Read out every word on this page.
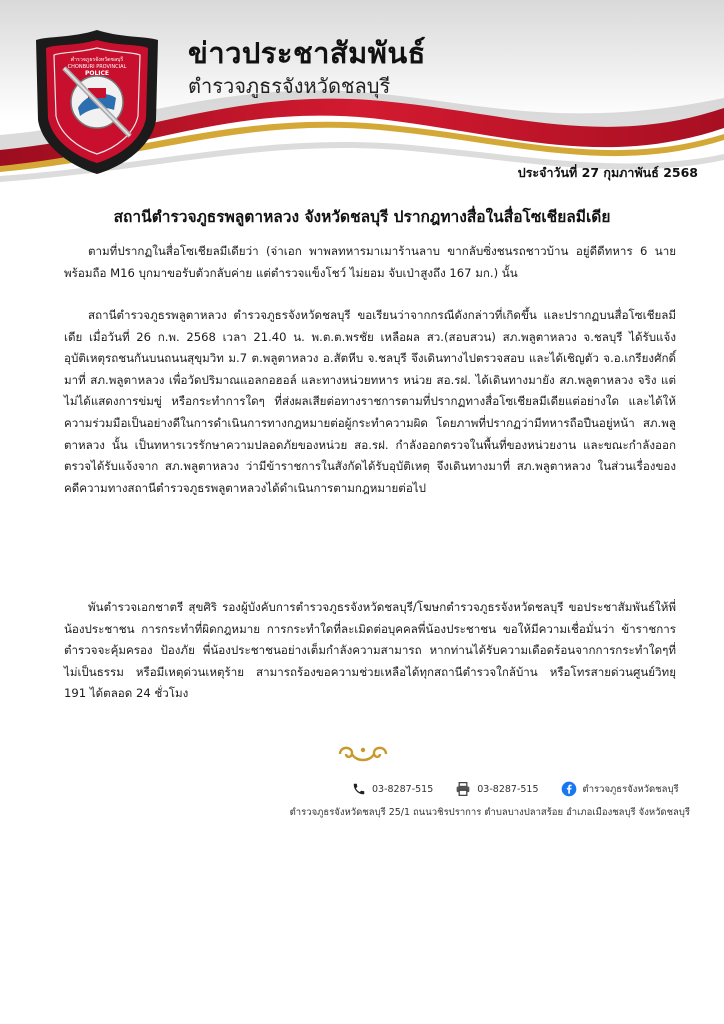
ตำรวจภูธรจังหวัดชลบุรี
CHONBURI PROVINCIAL
POLICE
ข่าวประชาสัมพันธ์
ตำรวจภูธรจังหวัดชลบุรี
ประจำวันที่ 27 กุมภาพันธ์ 2568
สถานีตำรวจภูธรพลูตาหลวง จังหวัดชลบุรี ปรากฎทางสื่อในสื่อโซเชียลมีเดีย
ตามที่ปรากฏในสื่อโซเชียลมีเดียว่า (จ่าเอก พาพลทหารมาเมาร้านลาบ ขากลับซิ่งชนรถชาวบ้าน อยู่ดีดีทหาร 6 นาย พร้อมถือ M16 บุกมาขอรับตัวกลับค่าย แต่ตำรวจแข็งโชว์ ไม่ยอม จับเป่าสูงถึง 167 มก.) นั้น
สถานีตำรวจภูธรพลูตาหลวง ตำรวจภูธรจังหวัดชลบุรี ขอเรียนว่าจากกรณีดังกล่าวที่เกิดขึ้น และปรากฏบนสื่อโซเชียลมีเดีย เมื่อวันที่ 26 ก.พ. 2568 เวลา 21.40 น. พ.ต.ต.พรชัย เหลือผล สว.(สอบสวน) สภ.พลูตาหลวง จ.ชลบุรี ได้รับแจ้งอุบัติเหตุรถชนกันบนถนนสุขุมวิท ม.7 ต.พลูตาหลวง อ.สัตหีบ จ.ชลบุรี จึงเดินทางไปตรวจสอบ และได้เชิญตัว จ.อ.เกรียงศักดิ์ มาที่ สภ.พลูตาหลวง เพื่อวัดปริมาณแอลกอฮอล์ และทางหน่วยทหาร หน่วย สอ.รฝ. ได้เดินทางมายัง สภ.พลูตาหลวง จริง แต่ไม่ได้แสดงการข่มขู่ หรือกระทำการใดๆ ที่ส่งผลเสียต่อทางราชการตามที่ปรากฏทางสื่อโซเชียลมีเดียแต่อย่างใด และได้ให้ความร่วมมือเป็นอย่างดีในการดำเนินการทางกฎหมายต่อผู้กระทำความผิด โดยภาพที่ปรากฏว่ามีทหารถือปืนอยู่หน้า สภ.พลูตาหลวง นั้น เป็นทหารเวรรักษาความปลอดภัยของหน่วย สอ.รฝ. กำลังออกตรวจในพื้นที่ของหน่วยงาน และขณะกำลังออกตรวจได้รับแจ้งจาก สภ.พลูตาหลวง ว่ามีข้าราชการในสังกัดได้รับอุบัติเหตุ จึงเดินทางมาที่ สภ.พลูตาหลวง ในส่วนเรื่องของคดีความทางสถานีตำรวจภูธรพลูตาหลวงได้ดำเนินการตามกฎหมายต่อไป
พันตำรวจเอกชาตรี สุขศิริ รองผู้บังคับการตำรวจภูธรจังหวัดชลบุรี/โฆษกตำรวจภูธรจังหวัดชลบุรี ขอประชาสัมพันธ์ให้พี่น้องประชาชน การกระทำที่ผิดกฎหมาย การกระทำใดที่ละเมิดต่อบุคคลพี่น้องประชาชน ขอให้มีความเชื่อมั่นว่า ข้าราชการตำรวจจะคุ้มครอง ป้องภัย พี่น้องประชาชนอย่างเต็มกำลังความสามารถ หากท่านได้รับความเดือดร้อนจากการกระทำใดๆที่ไม่เป็นธรรม หรือมีเหตุด่วนเหตุร้าย สามารถร้องขอความช่วยเหลือได้ทุกสถานีตำรวจใกล้บ้าน หรือโทรสายด่วนศูนย์วิทยุ 191 ได้ตลอด 24 ชั่วโมง
03-8287-515	03-8287-515	ตำรวจภูธรจังหวัดชลบุรี
ตำรวจภูธรจังหวัดชลบุรี 25/1 ถนนวชิรปราการ ตำบลบางปลาสร้อย อำเภอเมืองชลบุรี จังหวัดชลบุรี
